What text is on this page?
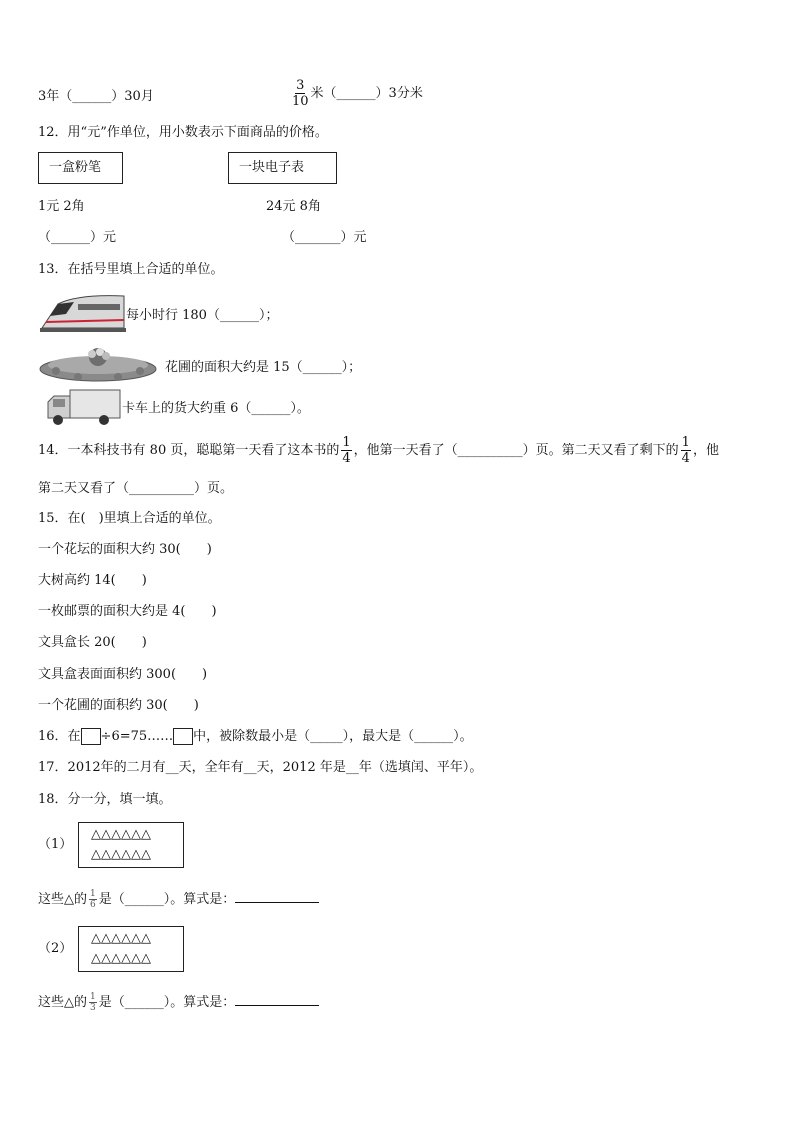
3年（______）30月	$\frac{3}{10}$ 米（______）3分米
12．用“元”作单位，用小数表示下面商品的价格。
一盒粉笔	一块电子表
1元 2角	24元 8角
（______）元	（_______）元
13．在括号里填上合适的单位。
每小时行 180（______）；
花圃的面积大约是 15（______）；
卡车上的货大约重 6（______）。
14．一本科技书有 80 页，聪聪第一天看了这本书的 $\frac{1}{4}$ ，他第一天看了（__________）页。第二天又看了剩下的 $\frac{1}{4}$ ，他
第二天又看了（__________）页。
15．在(　)里填上合适的单位。
一个花坛的面积大约 30(　　)
大树高约 14(　　)
一枚邮票的面积大约是 4(　　)
文具盒长 20(　　)
文具盒表面面积约 300(　　)
一个花圃的面积约 30(　　)
16．在 ÷6=75…… 中，被除数最小是（_____），最大是（______）。
17．2012年的二月有__天，全年有__天，2012 年是__年（选填闰、平年）。
18．分一分，填一填。
（1）
△△△△△△
△△△△△△
这些△的 $\frac{1}{6}$ 是（______）。算式是：
（2）
△△△△△△
△△△△△△
这些△的 $\frac{1}{3}$ 是（______）。算式是：
